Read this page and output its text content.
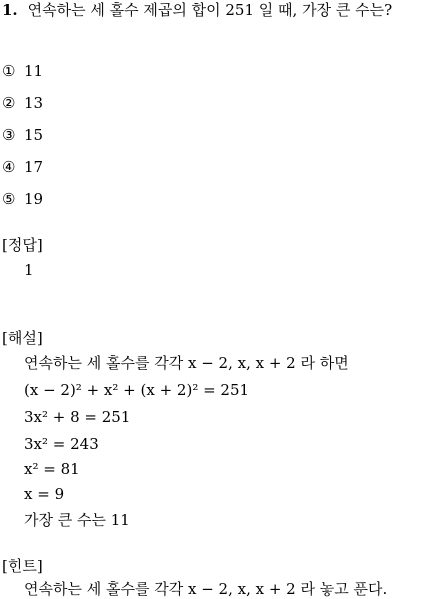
1. 연속하는 세 홀수 제곱의 합이 251 일 때, 가장 큰 수는?
① 11
② 13
③ 15
④ 17
⑤ 19
[정답]
1
[해설]
연속하는 세 홀수를 각각 x − 2, x, x + 2 라 하면
(x − 2)² + x² + (x + 2)² = 251
3x² + 8 = 251
3x² = 243
x² = 81
x = 9
가장 큰 수는 11
[힌트]
연속하는 세 홀수를 각각 x − 2, x, x + 2 라 놓고 푼다.
